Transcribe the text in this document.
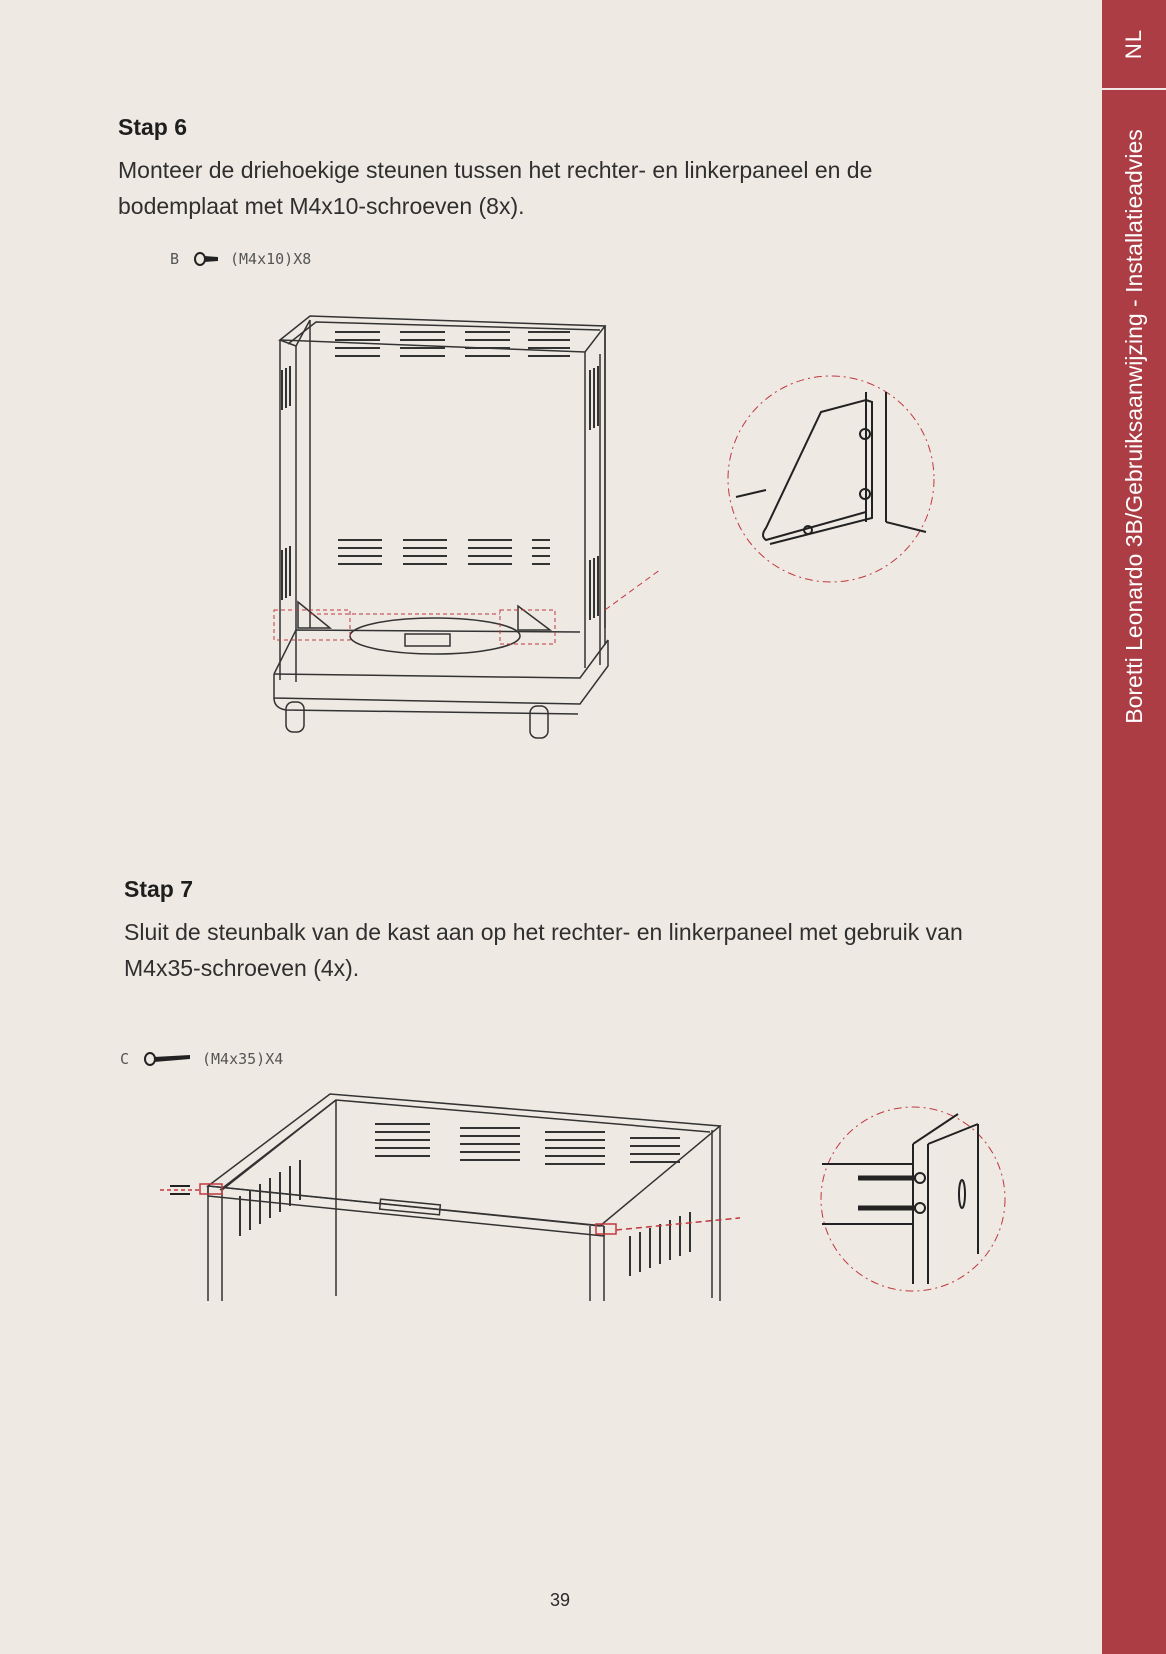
NL
Boretti Leonardo 3B/Gebruiksaanwijzing - Installatieadvies
Stap 6
Monteer de driehoekige steunen tussen het rechter- en linkerpaneel en de
bodemplaat met M4x10-schroeven (8x).
B	(M4x10)X8
Stap 7
Sluit de steunbalk van de kast aan op het rechter- en linkerpaneel met gebruik van
M4x35-schroeven (4x).
C	(M4x35)X4
39
